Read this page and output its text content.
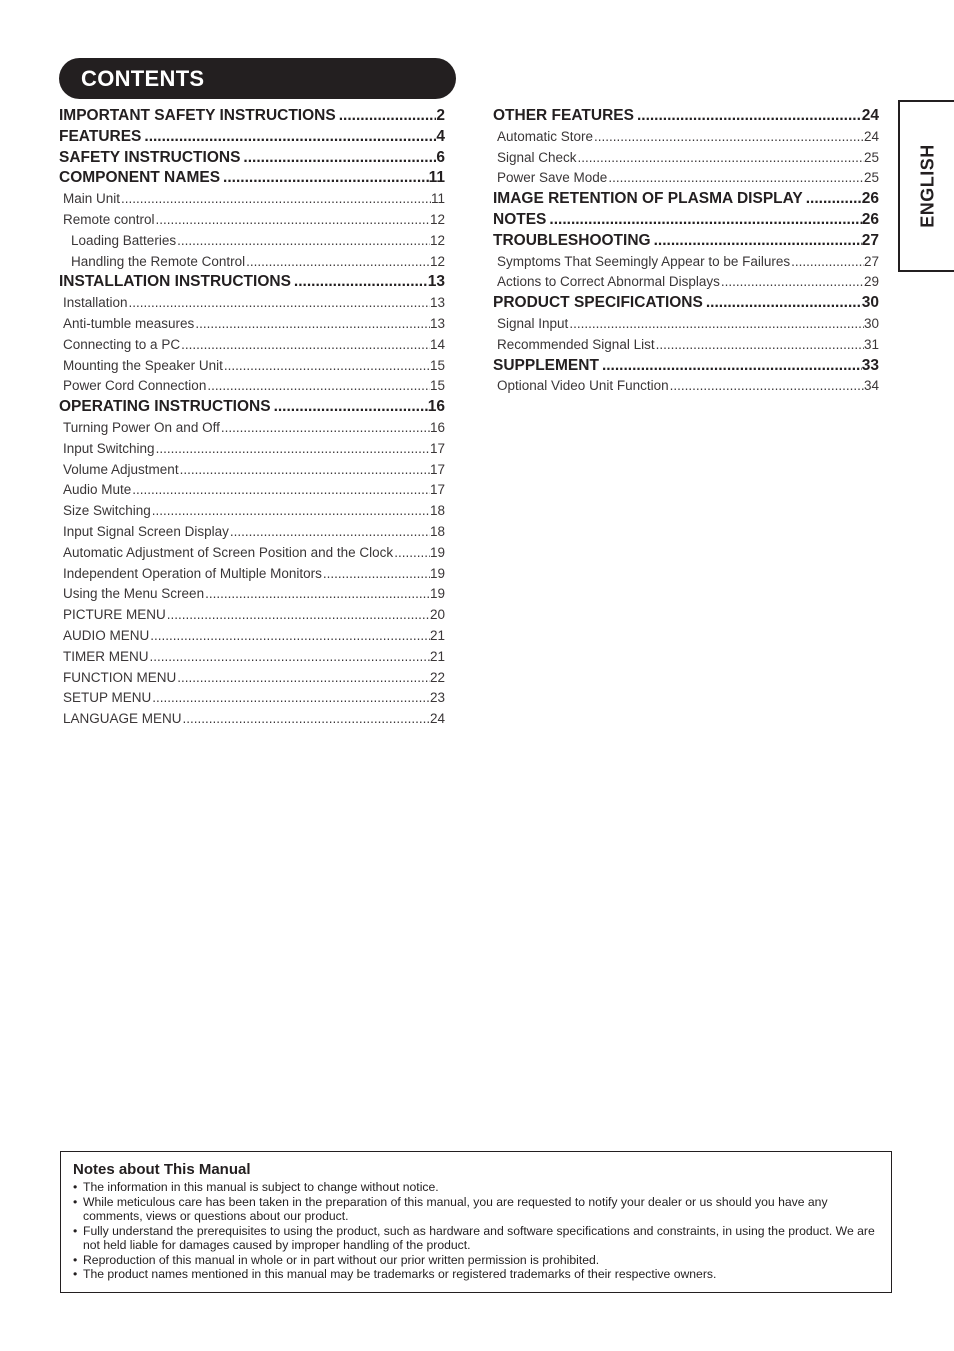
CONTENTS
ENGLISH
IMPORTANT SAFETY INSTRUCTIONS .....	2
FEATURES .....	4
SAFETY INSTRUCTIONS .....	6
COMPONENT NAMES .....	11
Main Unit .....	11
Remote control .....	12
Loading Batteries .....	12
Handling the Remote Control .....	12
INSTALLATION INSTRUCTIONS .....	13
Installation .....	13
Anti-tumble measures .....	13
Connecting to a PC .....	14
Mounting the Speaker Unit .....	15
Power Cord Connection .....	15
OPERATING INSTRUCTIONS .....	16
Turning Power On and Off .....	16
Input Switching .....	17
Volume Adjustment .....	17
Audio Mute .....	17
Size Switching .....	18
Input Signal Screen Display .....	18
Automatic Adjustment of Screen Position and the Clock .....	19
Independent Operation of Multiple Monitors .....	19
Using the Menu Screen .....	19
PICTURE MENU .....	20
AUDIO MENU .....	21
TIMER MENU .....	21
FUNCTION MENU .....	22
SETUP MENU .....	23
LANGUAGE MENU .....	24
OTHER FEATURES .....	24
Automatic Store .....	24
Signal Check .....	25
Power Save Mode .....	25
IMAGE RETENTION OF PLASMA DISPLAY .....	26
NOTES .....	26
TROUBLESHOOTING .....	27
Symptoms That Seemingly Appear to be Failures .....	27
Actions to Correct Abnormal Displays .....	29
PRODUCT SPECIFICATIONS .....	30
Signal Input .....	30
Recommended Signal List .....	31
SUPPLEMENT .....	33
Optional Video Unit Function .....	34
Notes about This Manual
• The information in this manual is subject to change without notice.
• While meticulous care has been taken in the preparation of this manual, you are requested to notify your dealer or us should you have any comments, views or questions about our product.
• Fully understand the prerequisites to using the product, such as hardware and software specifications and constraints, in using the product. We are not held liable for damages caused by improper handling of the product.
• Reproduction of this manual in whole or in part without our prior written permission is prohibited.
• The product names mentioned in this manual may be trademarks or registered trademarks of their respective owners.
